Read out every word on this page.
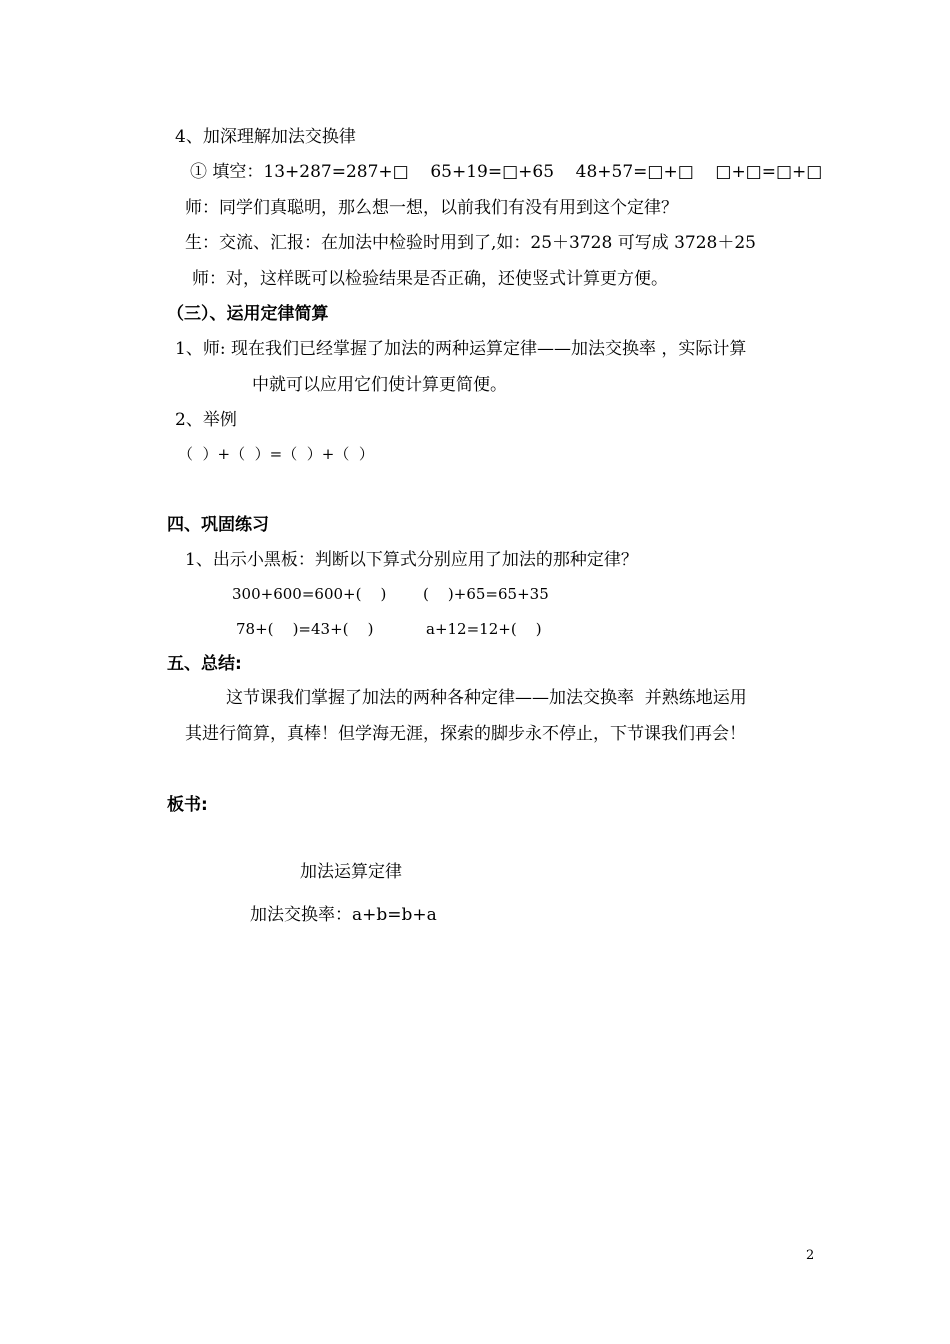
4、加深理解加法交换律
① 填空：13+287=287+□    65+19=□+65    48+57=□+□    □+□=□+□
师：同学们真聪明，那么想一想，以前我们有没有用到这个定律？
生：交流、汇报：在加法中检验时用到了,如：25＋3728 可写成 3728＋25
师：对，这样既可以检验结果是否正确，还使竖式计算更方便。
（三）、运用定律简算
1、师: 现在我们已经掌握了加法的两种运算定律——加法交换率 ，实际计算
中就可以应用它们使计算更简便。
2、举例
（  ）+（  ）=（  ）+（  ）
四、巩固练习
1、出示小黑板：判断以下算式分别应用了加法的那种定律？
300+600=600+(    ) (    )+65=65+35
78+(    )=43+(    )	a+12=12+(    )
五、总结:
这节课我们掌握了加法的两种各种定律——加法交换率  并熟练地运用
其进行简算，真棒！但学海无涯，探索的脚步永不停止，下节课我们再会！
板书:
加法运算定律
加法交换率：a+b=b+a
2
